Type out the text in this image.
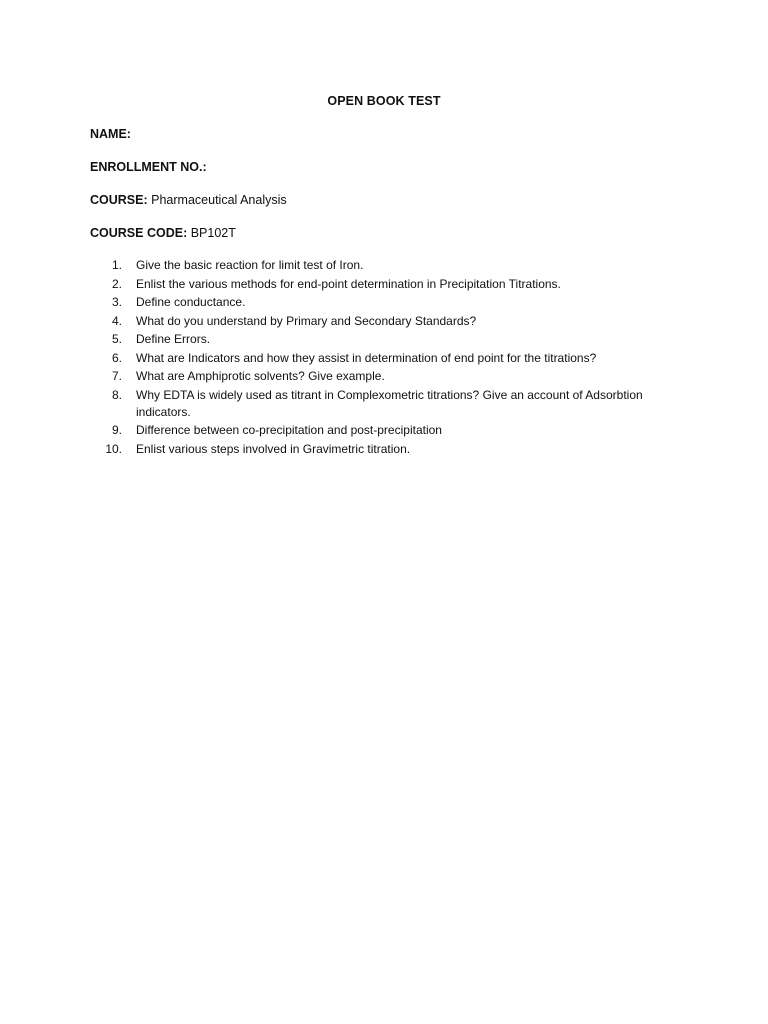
OPEN BOOK TEST
NAME:
ENROLLMENT NO.:
COURSE: Pharmaceutical Analysis
COURSE CODE: BP102T
1. Give the basic reaction for limit test of Iron.
2. Enlist the various methods for end-point determination in Precipitation Titrations.
3. Define conductance.
4. What do you understand by Primary and Secondary Standards?
5. Define Errors.
6. What are Indicators and how they assist in determination of end point for the titrations?
7. What are Amphiprotic solvents? Give example.
8. Why EDTA is widely used as titrant in Complexometric titrations? Give an account of Adsorbtion indicators.
9. Difference between co-precipitation and post-precipitation
10. Enlist various steps involved in Gravimetric titration.
